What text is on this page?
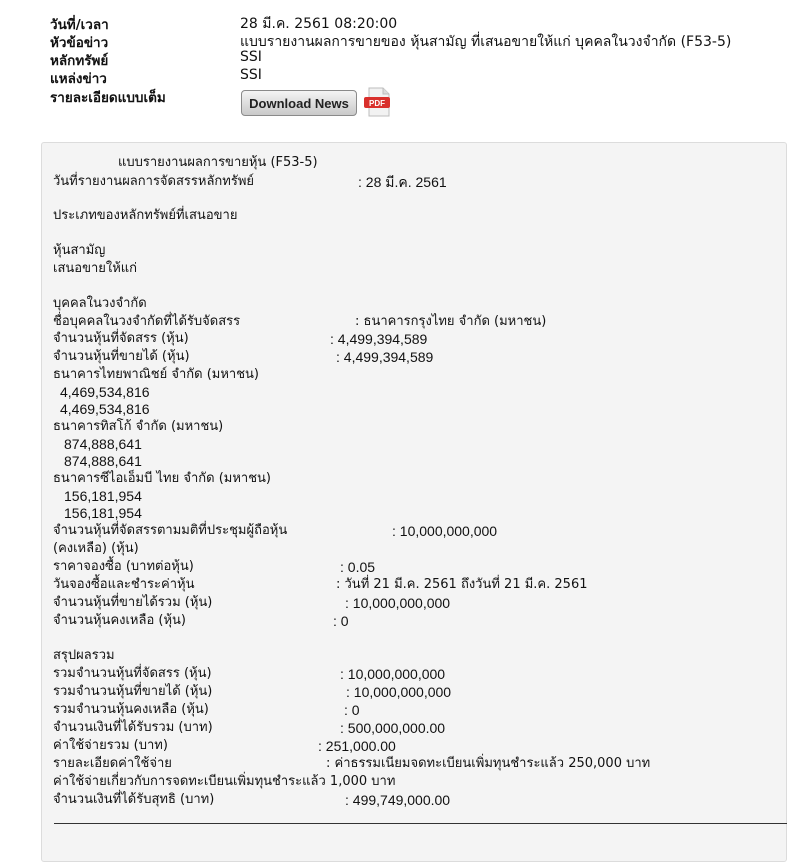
วันที่/เวลา	28 มี.ค. 2561 08:20:00
หัวข้อข่าว	แบบรายงานผลการขายของ หุ้นสามัญ ที่เสนอขายให้แก่ บุคคลในวงจำกัด (F53-5)
หลักทรัพย์	SSI
แหล่งข่าว	SSI
รายละเอียดแบบเต็ม	Download News	PDF
แบบรายงานผลการขายหุ้น (F53-5)
วันที่รายงานผลการจัดสรรหลักทรัพย์	: 28 มี.ค. 2561
ประเภทของหลักทรัพย์ที่เสนอขาย
หุ้นสามัญ
เสนอขายให้แก่
บุคคลในวงจำกัด
ชื่อบุคคลในวงจำกัดที่ได้รับจัดสรร	: ธนาคารกรุงไทย จำกัด (มหาชน)
จำนวนหุ้นที่จัดสรร (หุ้น)	: 4,499,394,589
จำนวนหุ้นที่ขายได้ (หุ้น)	: 4,499,394,589
ธนาคารไทยพาณิชย์ จำกัด (มหาชน)
4,469,534,816
4,469,534,816
ธนาคารทิสโก้ จำกัด (มหาชน)
874,888,641
874,888,641
ธนาคารซีไอเอ็มบี ไทย จำกัด (มหาชน)
156,181,954
156,181,954
จำนวนหุ้นที่จัดสรรตามมติที่ประชุมผู้ถือหุ้น	: 10,000,000,000
(คงเหลือ) (หุ้น)
ราคาจองซื้อ (บาทต่อหุ้น)	: 0.05
วันจองซื้อและชำระค่าหุ้น	: วันที่ 21 มี.ค. 2561 ถึงวันที่ 21 มี.ค. 2561
จำนวนหุ้นที่ขายได้รวม (หุ้น)	: 10,000,000,000
จำนวนหุ้นคงเหลือ (หุ้น)	: 0
สรุปผลรวม
รวมจำนวนหุ้นที่จัดสรร (หุ้น)	: 10,000,000,000
รวมจำนวนหุ้นที่ขายได้ (หุ้น)	: 10,000,000,000
รวมจำนวนหุ้นคงเหลือ (หุ้น)	: 0
จำนวนเงินที่ได้รับรวม (บาท)	: 500,000,000.00
ค่าใช้จ่ายรวม (บาท)	: 251,000.00
รายละเอียดค่าใช้จ่าย	: ค่าธรรมเนียมจดทะเบียนเพิ่มทุนชำระแล้ว 250,000 บาท
ค่าใช้จ่ายเกี่ยวกับการจดทะเบียนเพิ่มทุนชำระแล้ว 1,000 บาท
จำนวนเงินที่ได้รับสุทธิ (บาท)	: 499,749,000.00
